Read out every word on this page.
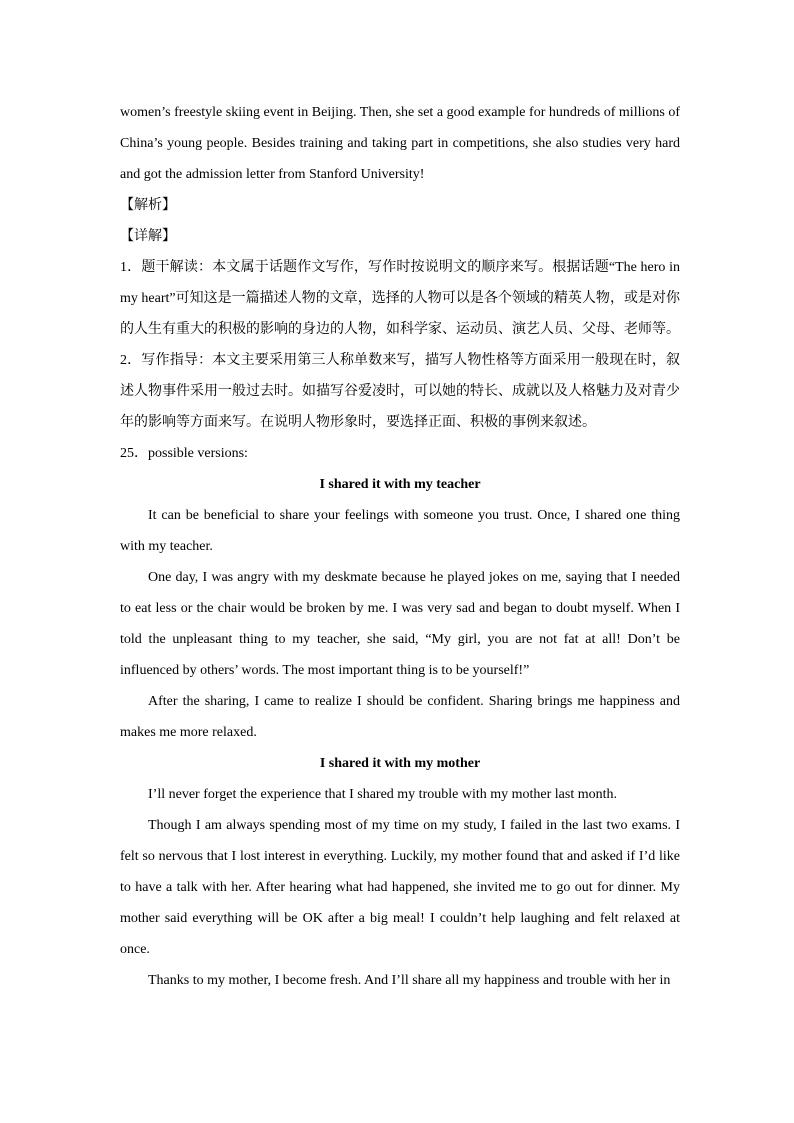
women’s freestyle skiing event in Beijing. Then, she set a good example for hundreds of millions of China’s young people. Besides training and taking part in competitions, she also studies very hard and got the admission letter from Stanford University!

【解析】

【详解】

1．题干解读：本文属于话题作文写作，写作时按说明文的顺序来写。根据话题“The hero in my heart”可知这是一篇描述人物的文章，选择的人物可以是各个领域的精英人物，或是对你的人生有重大的积极的影响的身边的人物，如科学家、运动员、演艺人员、父母、老师等。

2．写作指导：本文主要采用第三人称单数来写，描写人物性格等方面采用一般现在时，叙述人物事件采用一般过去时。如描写谷爱凌时，可以她的特长、成就以及人格魅力及对青少年的影响等方面来写。在说明人物形象时，要选择正面、积极的事例来叙述。

25．possible versions:

I shared it with my teacher

It can be beneficial to share your feelings with someone you trust. Once, I shared one thing with my teacher.

One day, I was angry with my deskmate because he played jokes on me, saying that I needed to eat less or the chair would be broken by me. I was very sad and began to doubt myself. When I told the unpleasant thing to my teacher, she said, “My girl, you are not fat at all! Don’t be influenced by others’ words. The most important thing is to be yourself!”

After the sharing, I came to realize I should be confident. Sharing brings me happiness and makes me more relaxed.

I shared it with my mother

I’ll never forget the experience that I shared my trouble with my mother last month.

Though I am always spending most of my time on my study, I failed in the last two exams. I felt so nervous that I lost interest in everything. Luckily, my mother found that and asked if I’d like to have a talk with her. After hearing what had happened, she invited me to go out for dinner. My mother said everything will be OK after a big meal! I couldn’t help laughing and felt relaxed at once.

Thanks to my mother, I become fresh. And I’ll share all my happiness and trouble with her in
